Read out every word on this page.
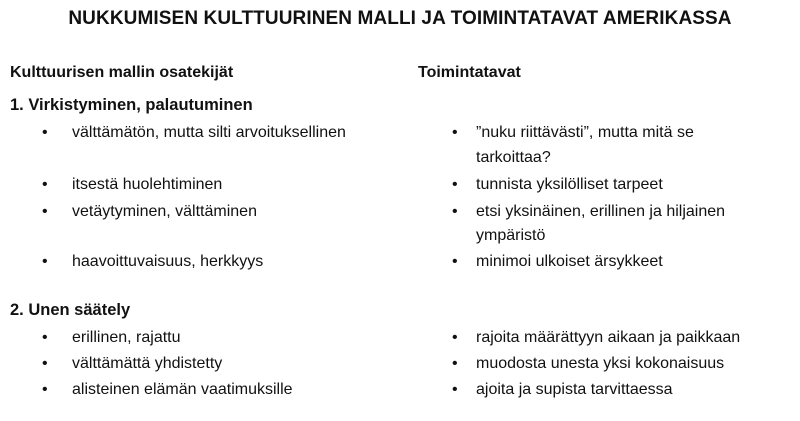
NUKKUMISEN KULTTUURINEN MALLI JA TOIMINTATAVAT AMERIKASSA
Kulttuurisen mallin osatekijät	Toimintatavat
1. Virkistyminen, palautuminen
• välttämätön, mutta silti arvoituksellinen
• itsestä huolehtiminen
• vetäytyminen, välttäminen
• haavoittuvaisuus, herkkyys
• ”nuku riittävästi”, mutta mitä se
tarkoittaa?
• tunnista yksilölliset tarpeet
• etsi yksinäinen, erillinen ja hiljainen
ympäristö
• minimoi ulkoiset ärsykkeet
2. Unen säätely
• erillinen, rajattu
• välttämättä yhdistetty
• alisteinen elämän vaatimuksille
• rajoita määrättyyn aikaan ja paikkaan
• muodosta unesta yksi kokonaisuus
• ajoita ja supista tarvittaessa
